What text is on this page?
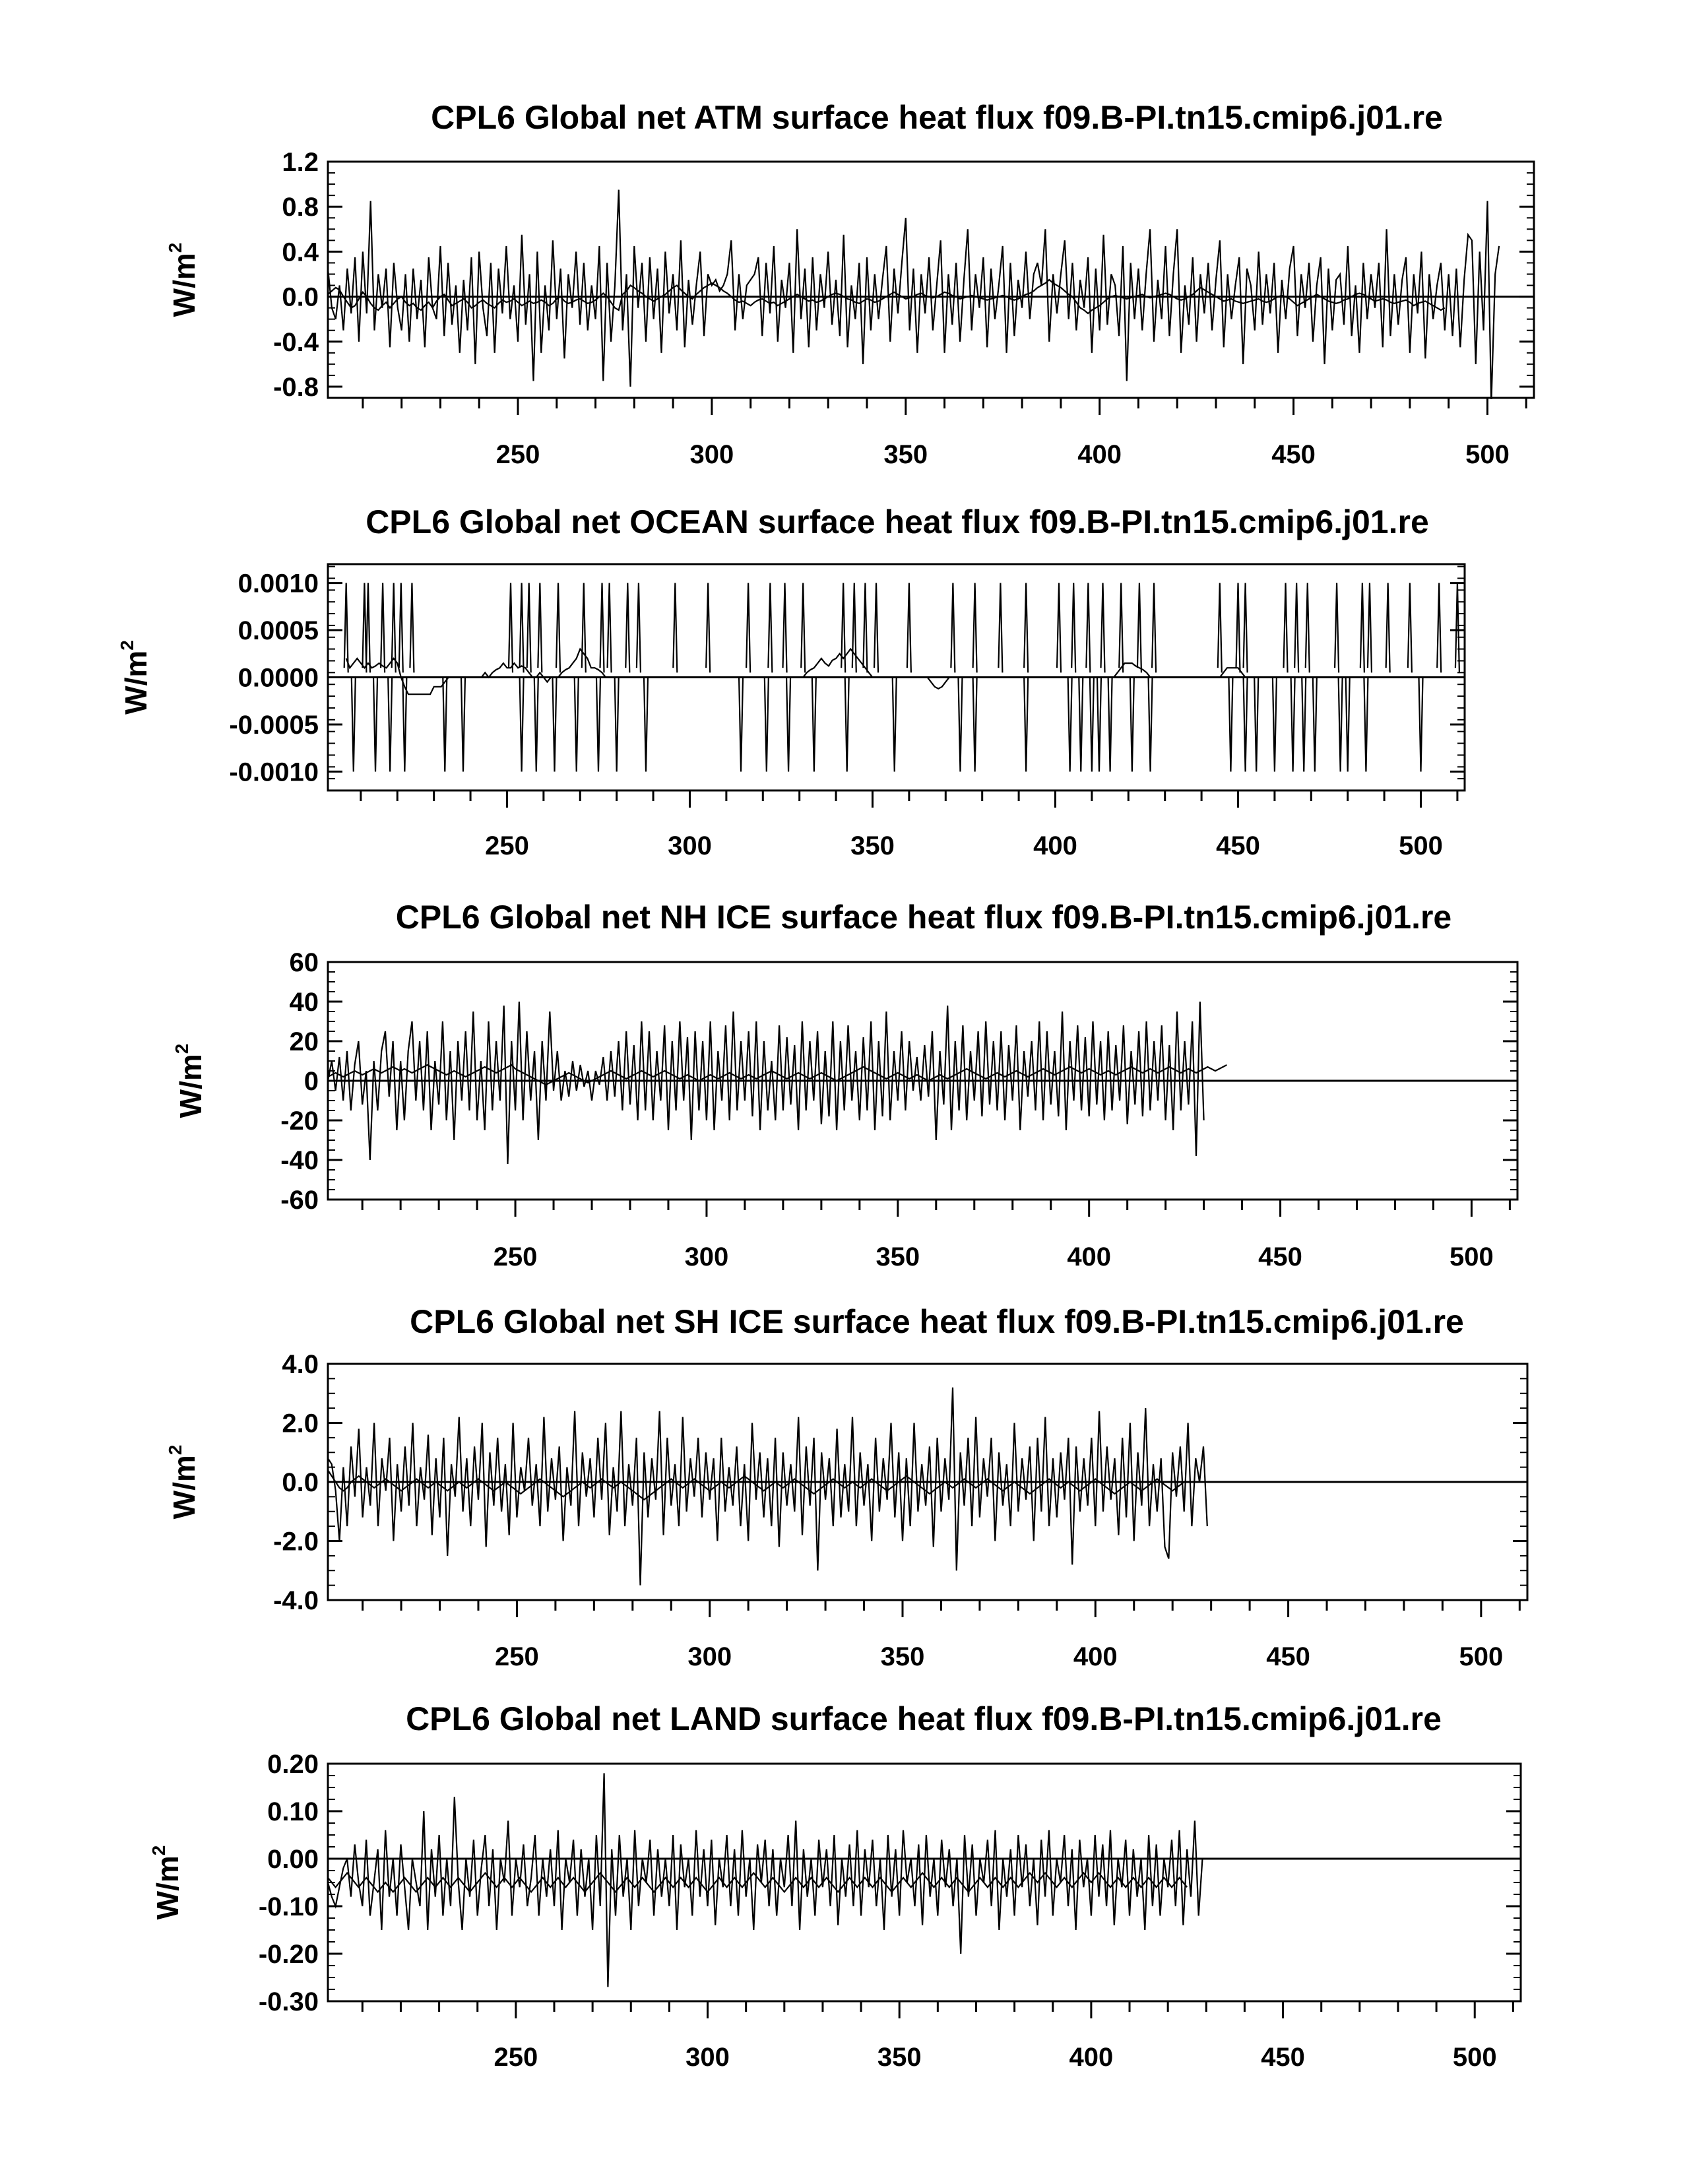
CPL6 Global net ATM surface heat flux f09.B-PI.tn15.cmip6.j01.re
1.2
0.8
0.4
0.0
-0.4
-0.8
250	300	350	400	450	500
$W/m^2$
CPL6 Global net OCEAN surface heat flux f09.B-PI.tn15.cmip6.j01.re
0.0010
0.0005
0.0000
-0.0005
-0.0010
250	300	350	400	450	500
$W/m^2$
CPL6 Global net NH ICE surface heat flux f09.B-PI.tn15.cmip6.j01.re
60
40
20
0
-20
-40
-60
250	300	350	400	450	500
$W/m^2$
CPL6 Global net SH ICE surface heat flux f09.B-PI.tn15.cmip6.j01.re
4.0
2.0
0.0
-2.0
-4.0
250	300	350	400	450	500
$W/m^2$
CPL6 Global net LAND surface heat flux f09.B-PI.tn15.cmip6.j01.re
0.20
0.10
0.00
-0.10
-0.20
-0.30
250	300	350	400	450	500
$W/m^2$
